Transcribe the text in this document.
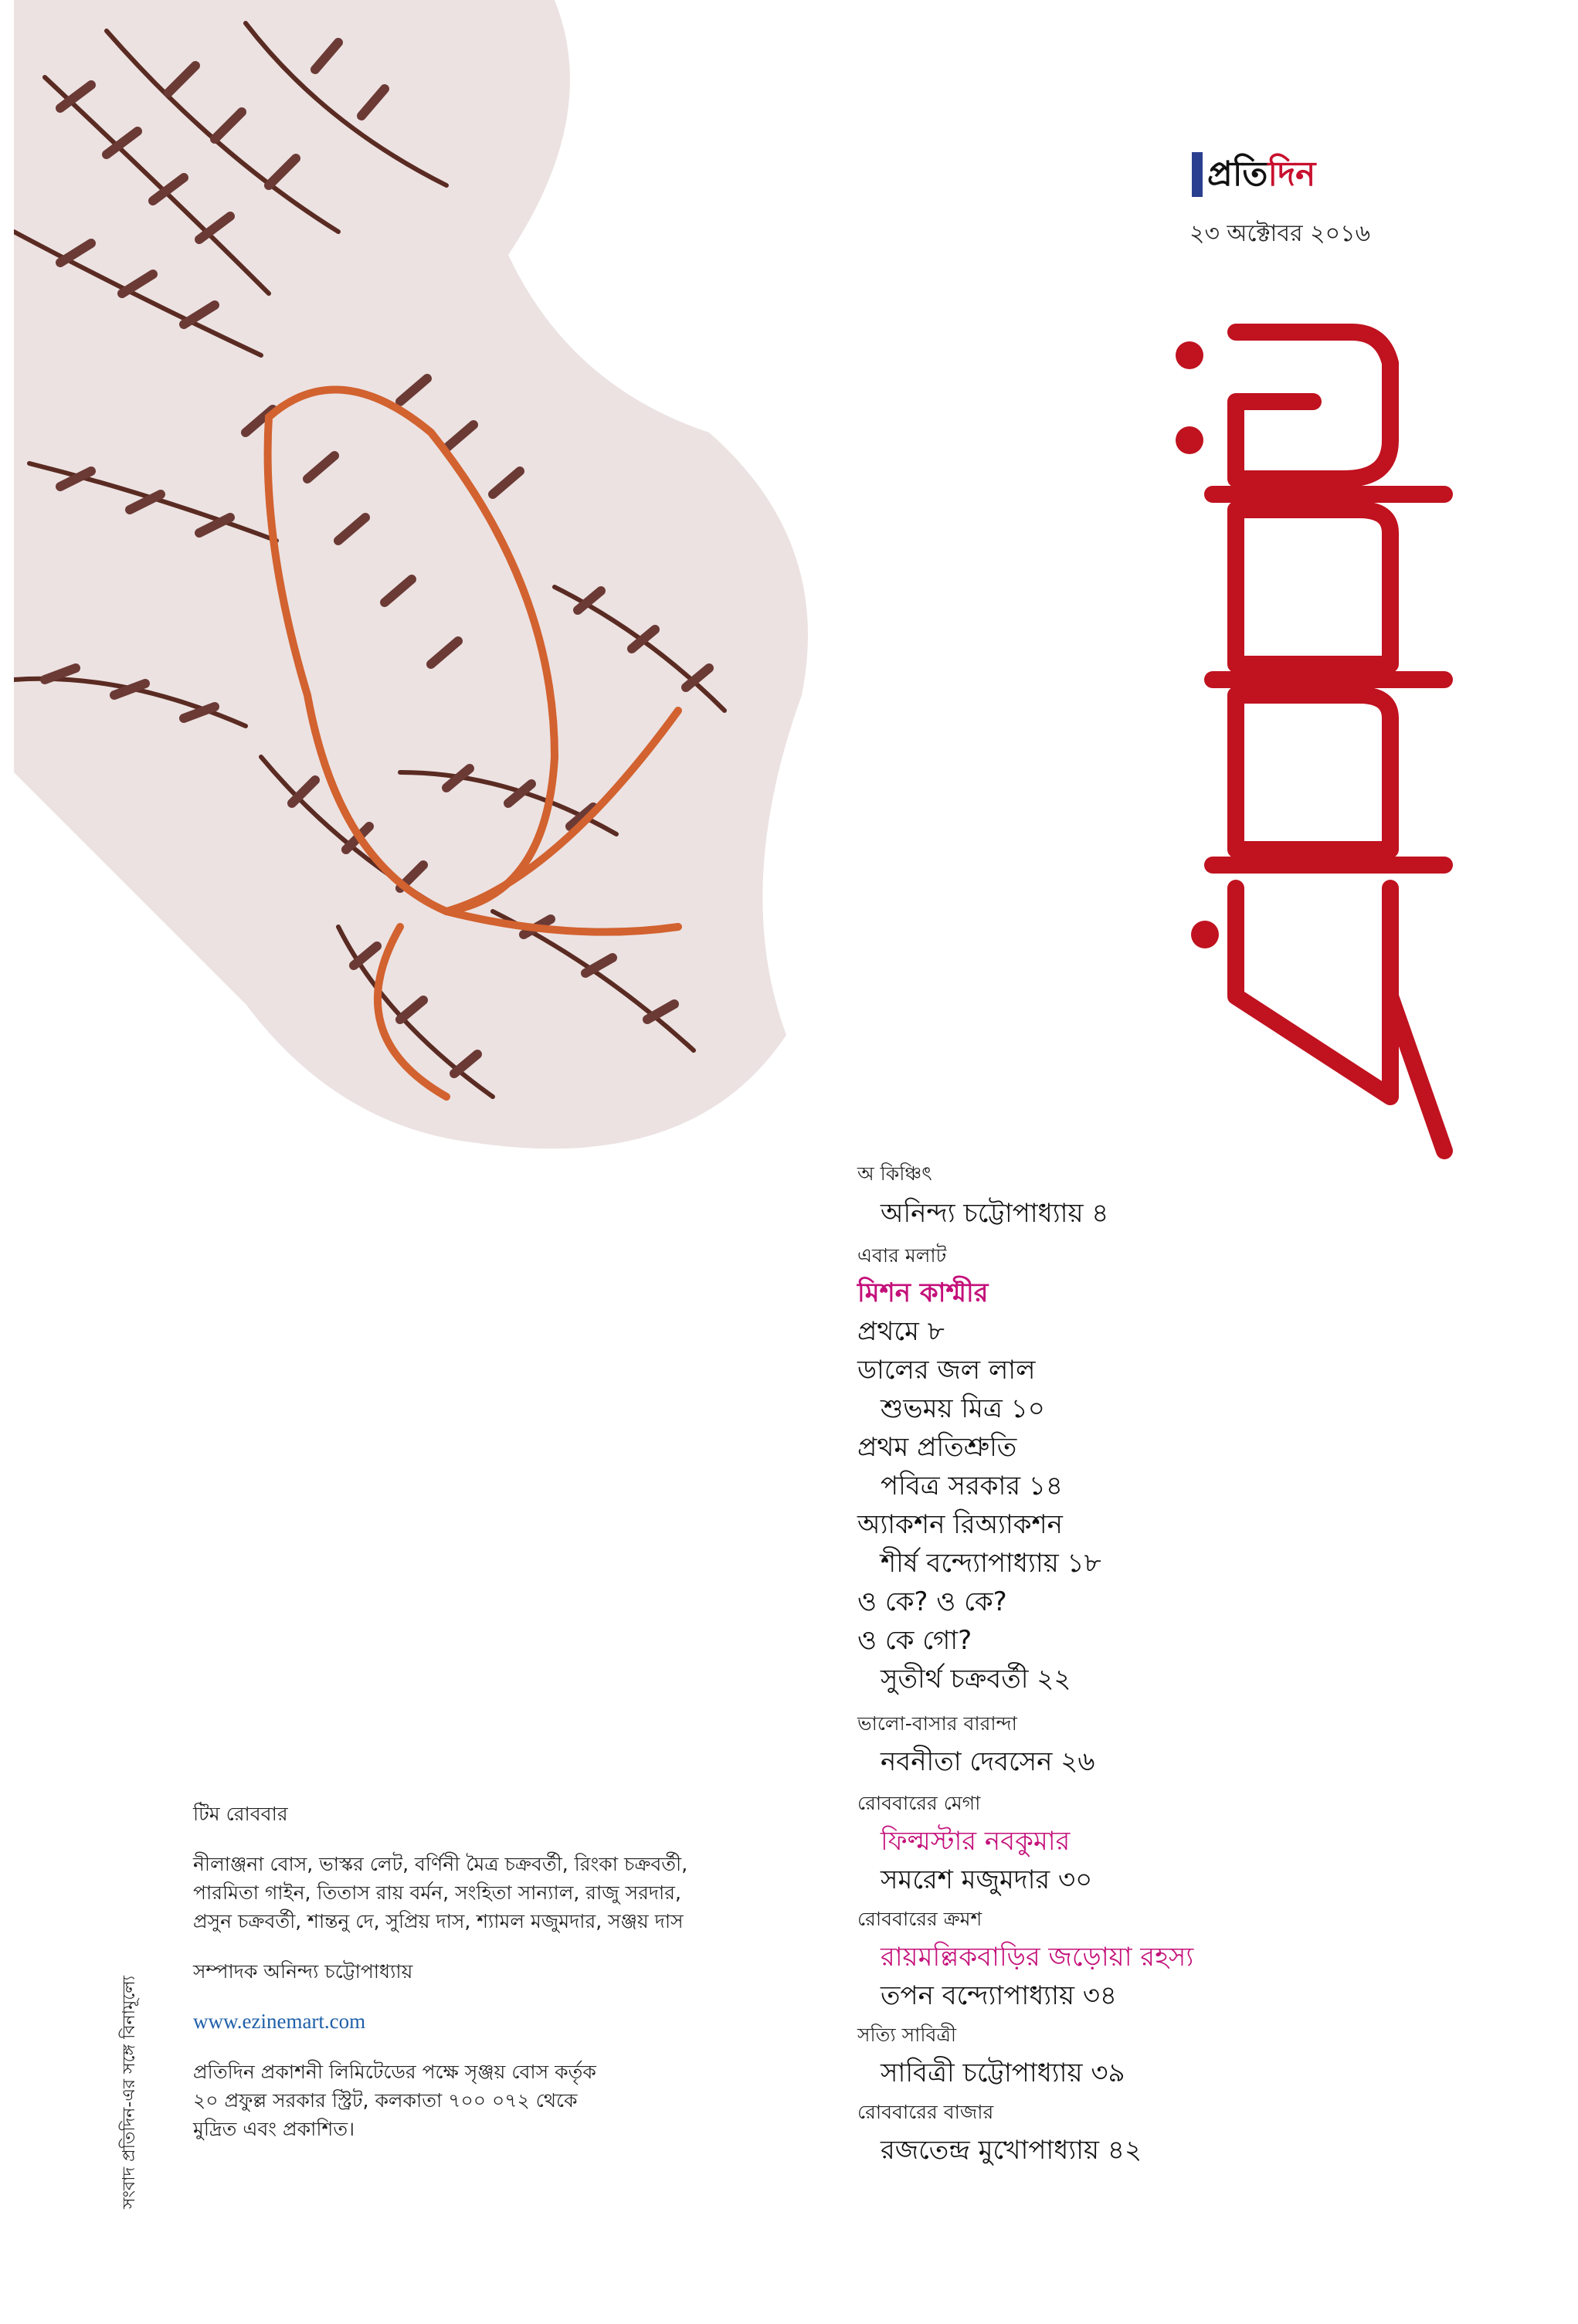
প্রতিদিন
সংবাদ
২৩ অক্টোবর ২০১৬
রোববার
অ কিঞ্চিৎ
অনিন্দ্য চট্টোপাধ্যায় ৪
এবার মলাট
মিশন কাশ্মীর
প্রথমে ৮
ডালের জল লাল
শুভময় মিত্র ১০
প্রথম প্রতিশ্রুতি
পবিত্র সরকার ১৪
অ্যাকশন রিঅ্যাকশন
শীর্ষ বন্দ্যোপাধ্যায় ১৮
ও কে? ও কে?
ও কে গো?
সুতীর্থ চক্রবর্তী ২২
ভালো-বাসার বারান্দা
নবনীতা দেবসেন ২৬
রোববারের মেগা
ফিল্মস্টার নবকুমার
সমরেশ মজুমদার ৩০
রোববারের ক্রমশ
রায়মল্লিকবাড়ির জড়োয়া রহস্য
তপন বন্দ্যোপাধ্যায় ৩৪
সত্যি সাবিত্রী
সাবিত্রী চট্টোপাধ্যায় ৩৯
রোববারের বাজার
রজতেন্দ্র মুখোপাধ্যায় ৪২
টিম রোববার
নীলাঞ্জনা বোস, ভাস্কর লেট, বর্ণিনী মৈত্র চক্রবর্তী, রিংকা চক্রবর্তী,
পারমিতা গাইন, তিতাস রায় বর্মন, সংহিতা সান্যাল, রাজু সরদার,
প্রসুন চক্রবর্তী, শান্তনু দে, সুপ্রিয় দাস, শ্যামল মজুমদার, সঞ্জয় দাস
সম্পাদক অনিন্দ্য চট্টোপাধ্যায়
www.ezinemart.com
প্রতিদিন প্রকাশনী লিমিটেডের পক্ষে সৃঞ্জয় বোস কর্তৃক
২০ প্রফুল্ল সরকার স্ট্রিট, কলকাতা ৭০০ ০৭২ থেকে
মুদ্রিত এবং প্রকাশিত।
সংবাদ প্রতিদিন-এর সঙ্গে বিনামূল্যে
